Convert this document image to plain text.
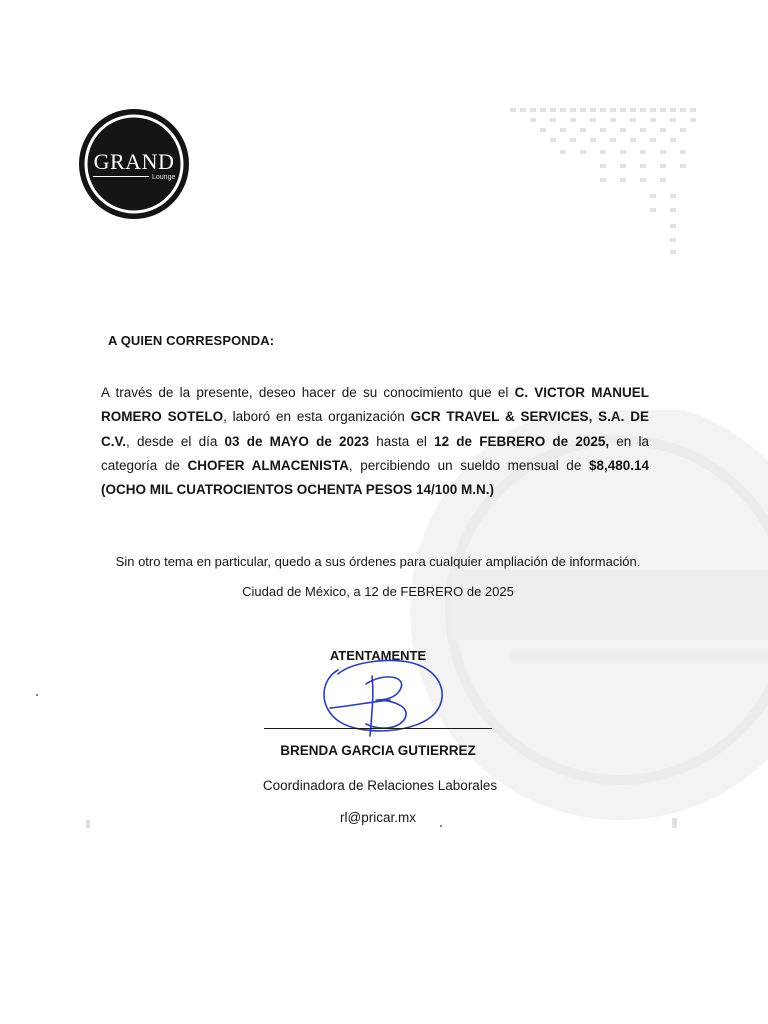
GRAND
Lounge
A QUIEN CORRESPONDA:
A través de la presente, deseo hacer de su conocimiento que el C. VICTOR MANUEL ROMERO SOTELO, laboró en esta organización GCR TRAVEL & SERVICES, S.A. DE C.V., desde el día 03 de MAYO de 2023 hasta el 12 de FEBRERO de 2025, en la categoría de CHOFER ALMACENISTA, percibiendo un sueldo mensual de $8,480.14 (OCHO MIL CUATROCIENTOS OCHENTA PESOS 14/100 M.N.)
Sin otro tema en particular, quedo a sus órdenes para cualquier ampliación de información.
Ciudad de México, a 12 de FEBRERO de 2025
ATENTAMENTE
BRENDA GARCIA GUTIERREZ
Coordinadora de Relaciones Laborales
rl@pricar.mx
